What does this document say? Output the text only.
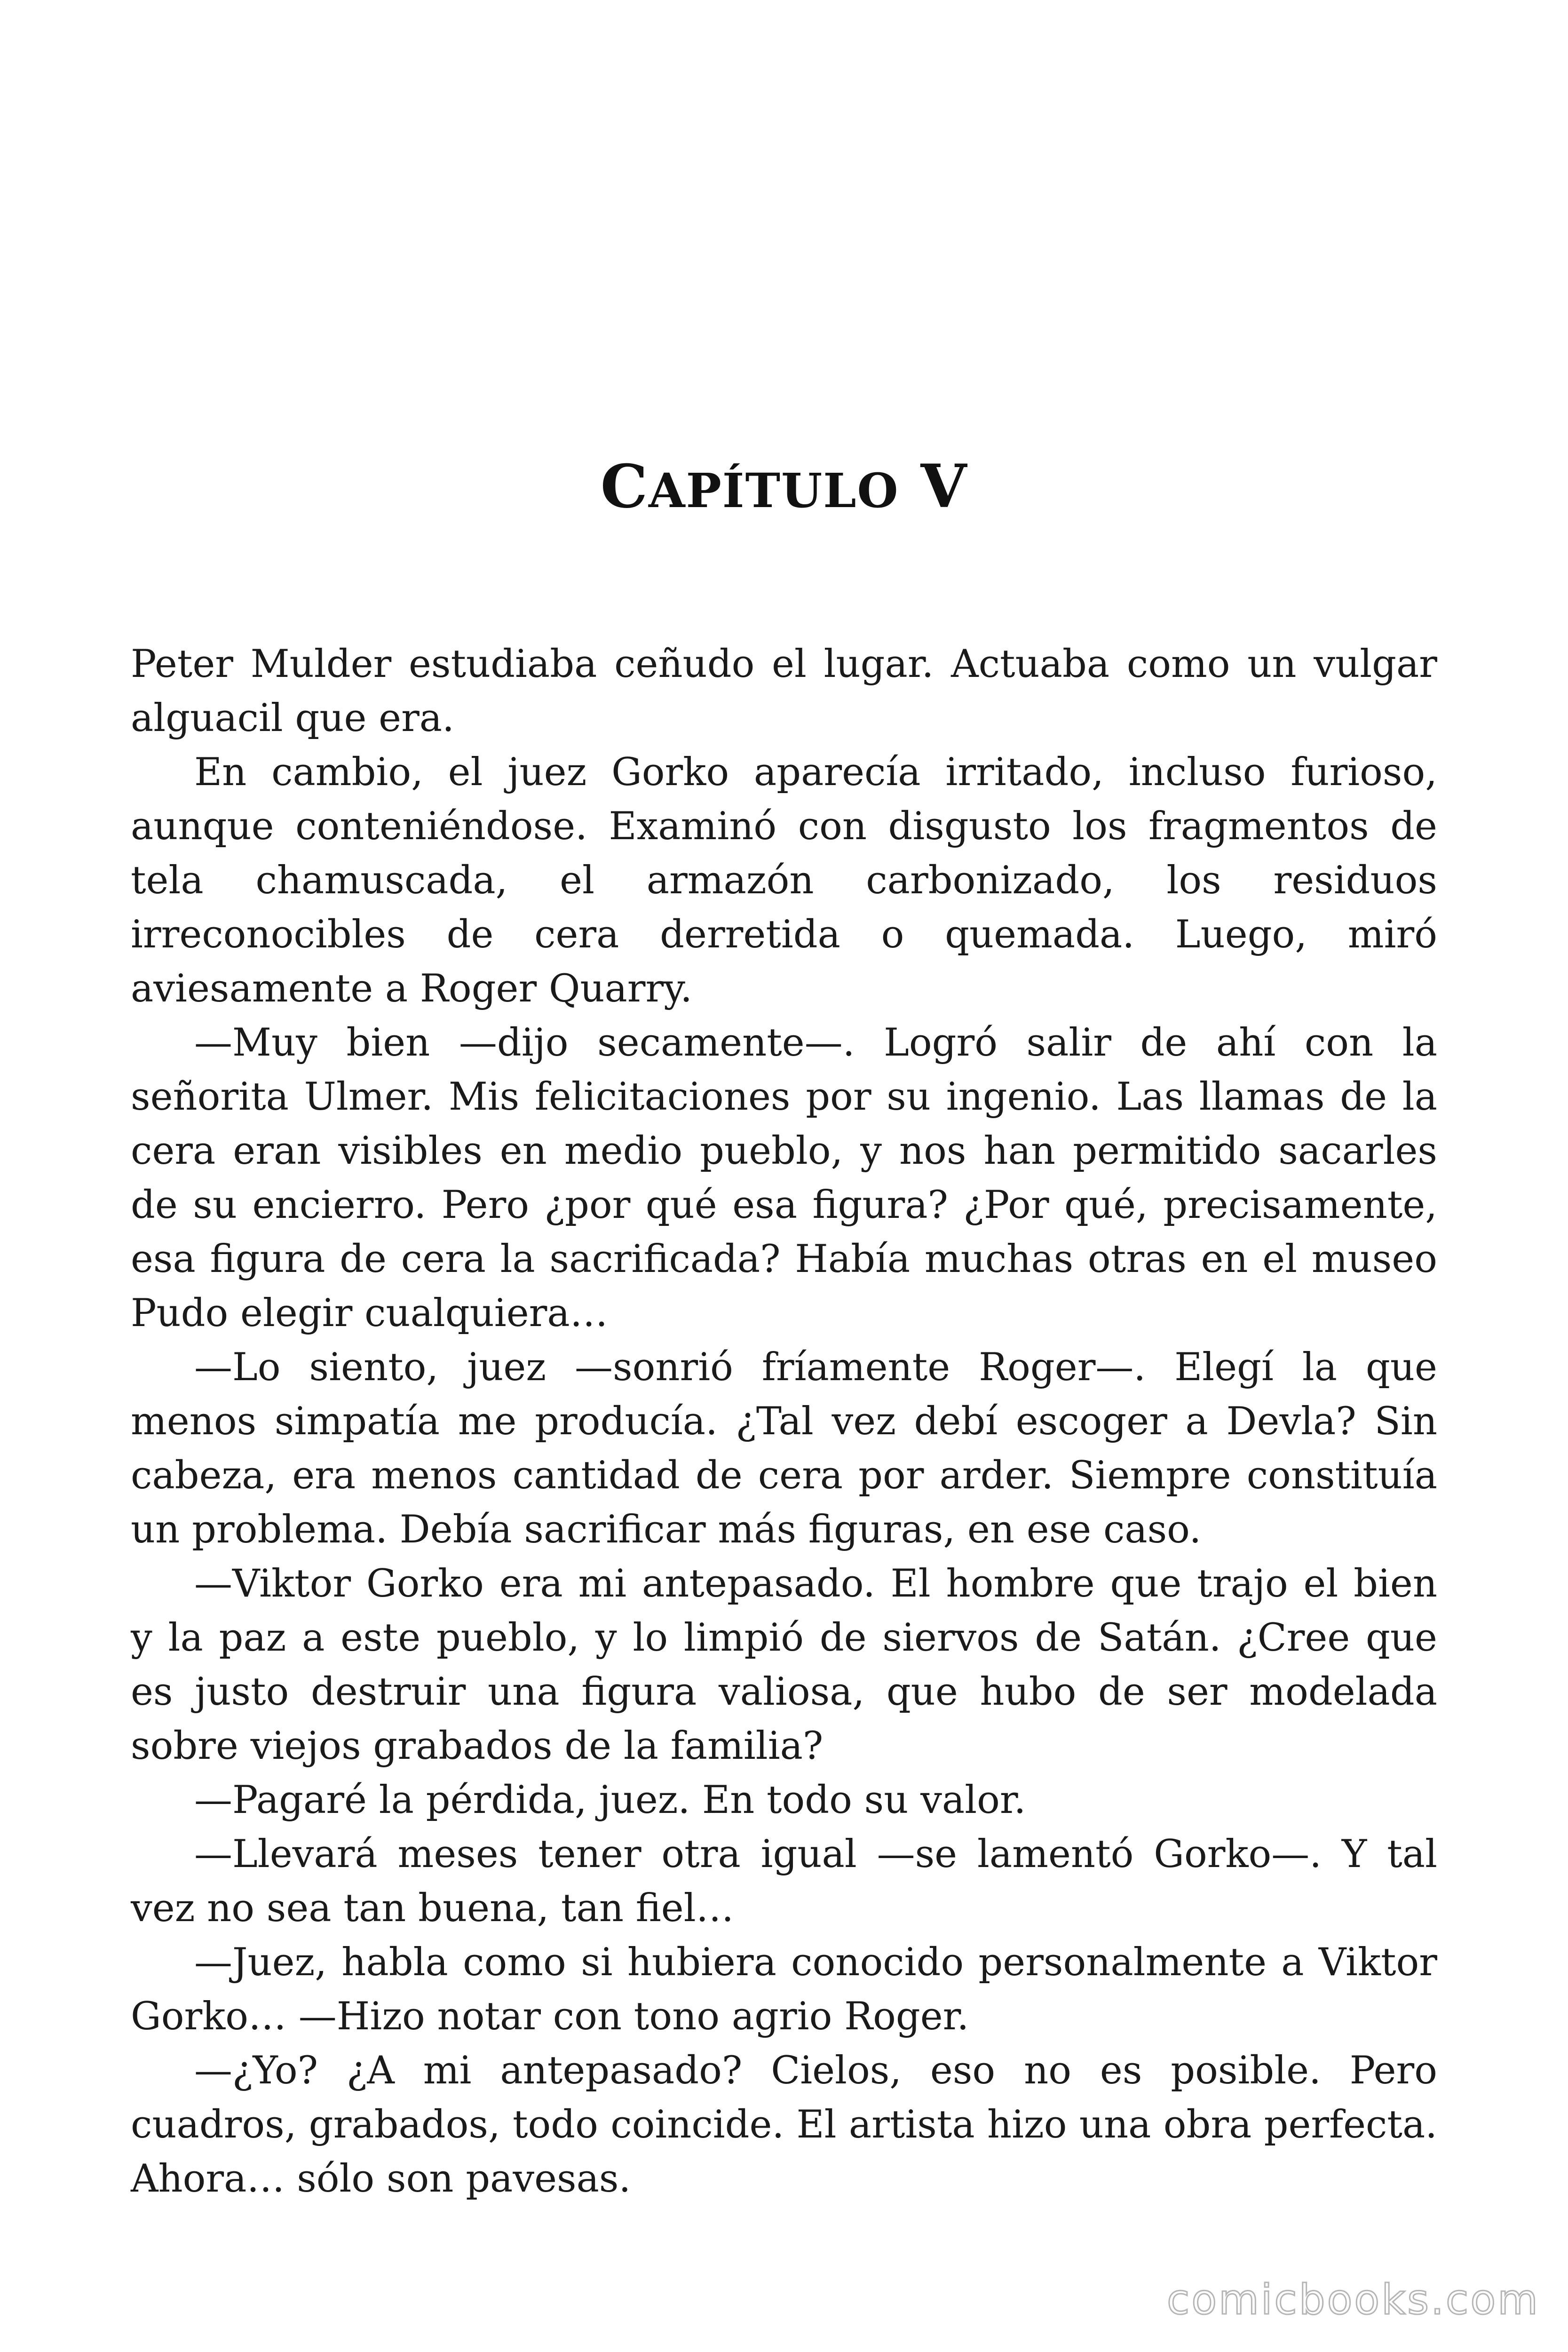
CAPÍTULO V

Peter Mulder estudiaba ceñudo el lugar. Actuaba como un vulgar alguacil que era.

En cambio, el juez Gorko aparecía irritado, incluso furioso, aunque conteniéndose. Examinó con disgusto los fragmentos de tela chamuscada, el armazón carbonizado, los residuos irreconocibles de cera derretida o quemada. Luego, miró aviesamente a Roger Quarry.

—Muy bien —dijo secamente—. Logró salir de ahí con la señorita Ulmer. Mis felicitaciones por su ingenio. Las llamas de la cera eran visibles en medio pueblo, y nos han permitido sacarles de su encierro. Pero ¿por qué esa figura? ¿Por qué, precisamente, esa figura de cera la sacrificada? Había muchas otras en el museo Pudo elegir cualquiera…

—Lo siento, juez —sonrió fríamente Roger—. Elegí la que menos simpatía me producía. ¿Tal vez debí escoger a Devla? Sin cabeza, era menos cantidad de cera por arder. Siempre constituía un problema. Debía sacrificar más figuras, en ese caso.

—Viktor Gorko era mi antepasado. El hombre que trajo el bien y la paz a este pueblo, y lo limpió de siervos de Satán. ¿Cree que es justo destruir una figura valiosa, que hubo de ser modelada sobre viejos grabados de la familia?

—Pagaré la pérdida, juez. En todo su valor.

—Llevará meses tener otra igual —se lamentó Gorko—. Y tal vez no sea tan buena, tan fiel…

—Juez, habla como si hubiera conocido personalmente a Viktor Gorko… —Hizo notar con tono agrio Roger.

—¿Yo? ¿A mi antepasado? Cielos, eso no es posible. Pero cuadros, grabados, todo coincide. El artista hizo una obra perfecta. Ahora… sólo son pavesas.

comicbooks.com
